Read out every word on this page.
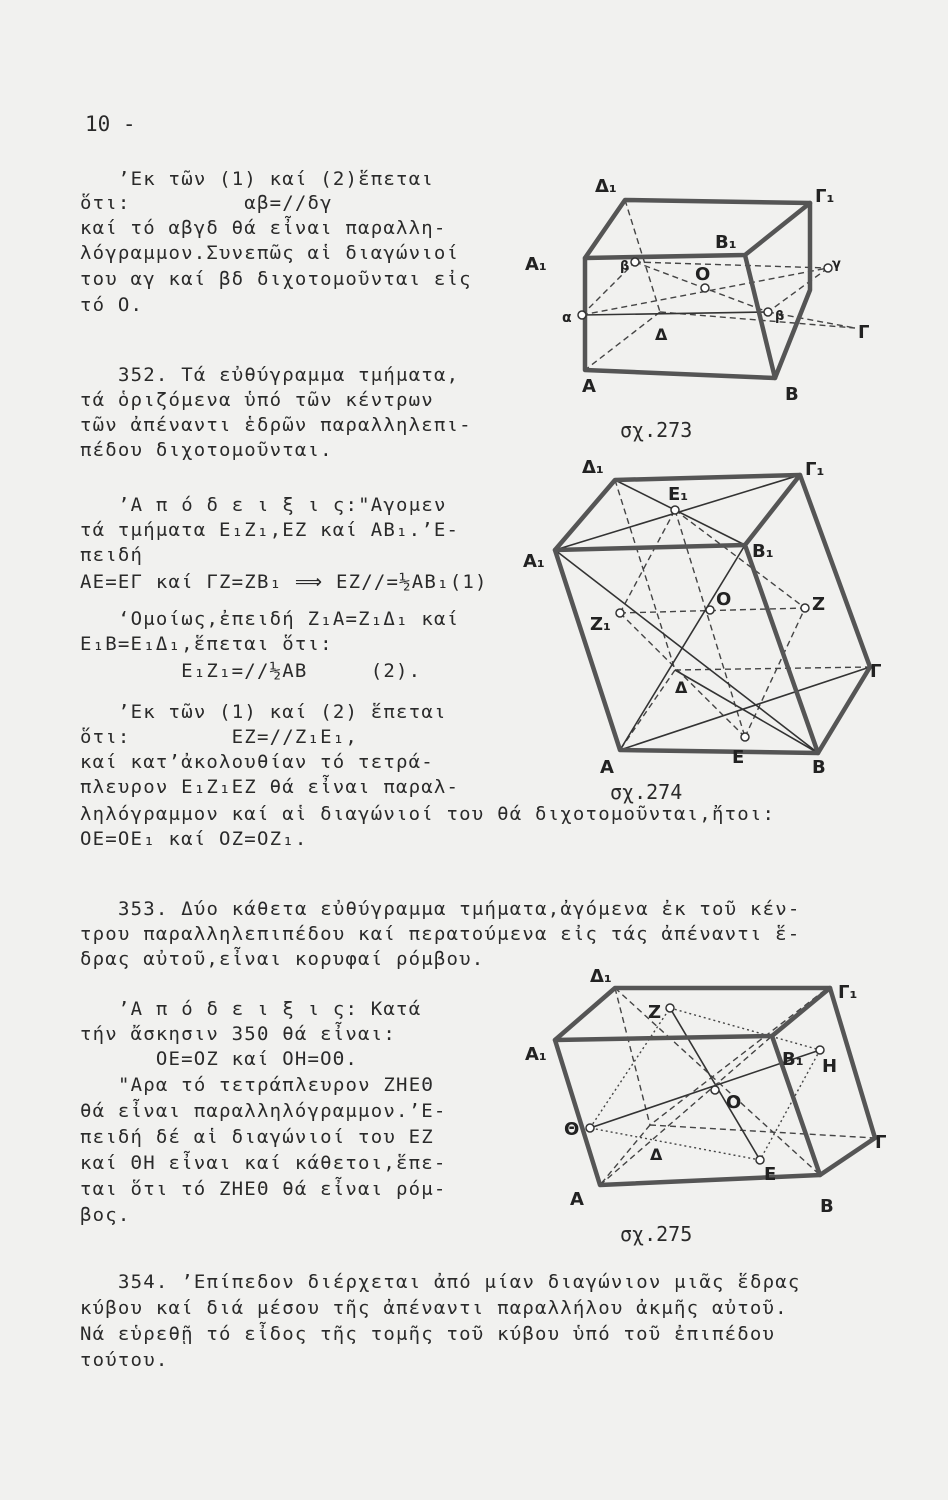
10 -
’Εκ τῶν (1) καί (2)ἕπεται
ὅτι:         αβ=//δγ
καί τό αβγδ θά εἶναι παραλλη-
λόγραμμον.Συνεπῶς αἱ διαγώνιοί
του αγ καί βδ διχοτομοῦνται εἰς
τό O.
352. Τά εὐθύγραμμα τμήματα,
τά ὁριζόμενα ὑπό τῶν κέντρων
τῶν ἀπέναντι ἑδρῶν παραλληλεπι-
πέδου διχοτομοῦνται.
’Α π ό δ ε ι ξ ι ς:"Αγομεν
τά τμήματα Ε₁Ζ₁,ΕΖ καί ΑΒ₁.’Ε-
πειδή
ΑΕ=ΕΓ καί ΓΖ=ΖΒ₁ ⟹ ΕΖ//=½ΑΒ₁(1)
‘Ομοίως,ἐπειδή Ζ₁Α=Ζ₁Δ₁ καί
Ε₁Β=Ε₁Δ₁,ἕπεται ὅτι:
Ε₁Ζ₁=//½ΑΒ     (2).
’Εκ τῶν (1) καί (2) ἕπεται
ὅτι:        ΕΖ=//Ζ₁Ε₁,
καί κατ’ἀκολουθίαν τό τετρά-
πλευρον Ε₁Ζ₁ΕΖ θά εἶναι παραλ-
ληλόγραμμον καί αἱ διαγώνιοί του θά διχοτομοῦνται,ἤτοι:
ΟΕ=ΟΕ₁ καί ΟΖ=ΟΖ₁.
353. Δύο κάθετα εὐθύγραμμα τμήματα,ἀγόμενα ἐκ τοῦ κέν-
τρου παραλληλεπιπέδου καί περατούμενα εἰς τάς ἀπέναντι ἕ-
δρας αὐτοῦ,εἶναι κορυφαί ρόμβου.
’Α π ό δ ε ι ξ ι ς: Κατά
τήν ἄσκησιν 350 θά εἶναι:
ΟΕ=ΟΖ καί ΟΗ=ΟΘ.
"Αρα τό τετράπλευρον ΖΗΕΘ
θά εἶναι παραλληλόγραμμον.’Ε-
πειδή δέ αἱ διαγώνιοί του ΕΖ
καί ΘΗ εἶναι καί κάθετοι,ἕπε-
ται ὅτι τό ΖΗΕΘ θά εἶναι ρόμ-
βος.
354. ’Επίπεδον διέρχεται ἀπό μίαν διαγώνιον μιᾶς ἕδρας
κύβου καί διά μέσου τῆς ἀπέναντι παραλλήλου ἀκμῆς αὐτοῦ.
Νά εὑρεθῇ τό εἶδος τῆς τομῆς τοῦ κύβου ὑπό τοῦ ἐπιπέδου
τούτου.
Δ₁	Γ₁
Β₁
Α₁	O
β	γ
α	β
Δ	Γ
Α	Β
σχ.273
Δ₁	Γ₁
Ε₁
Β₁
Α₁
Ζ₁
O	Ζ
Γ
Δ
Ε
Α	Β
σχ.274
Δ₁
Γ₁
Ζ
Β₁ Η
Α₁
O
Θ
Γ
Δ
Ε
Α	Β
σχ.275
